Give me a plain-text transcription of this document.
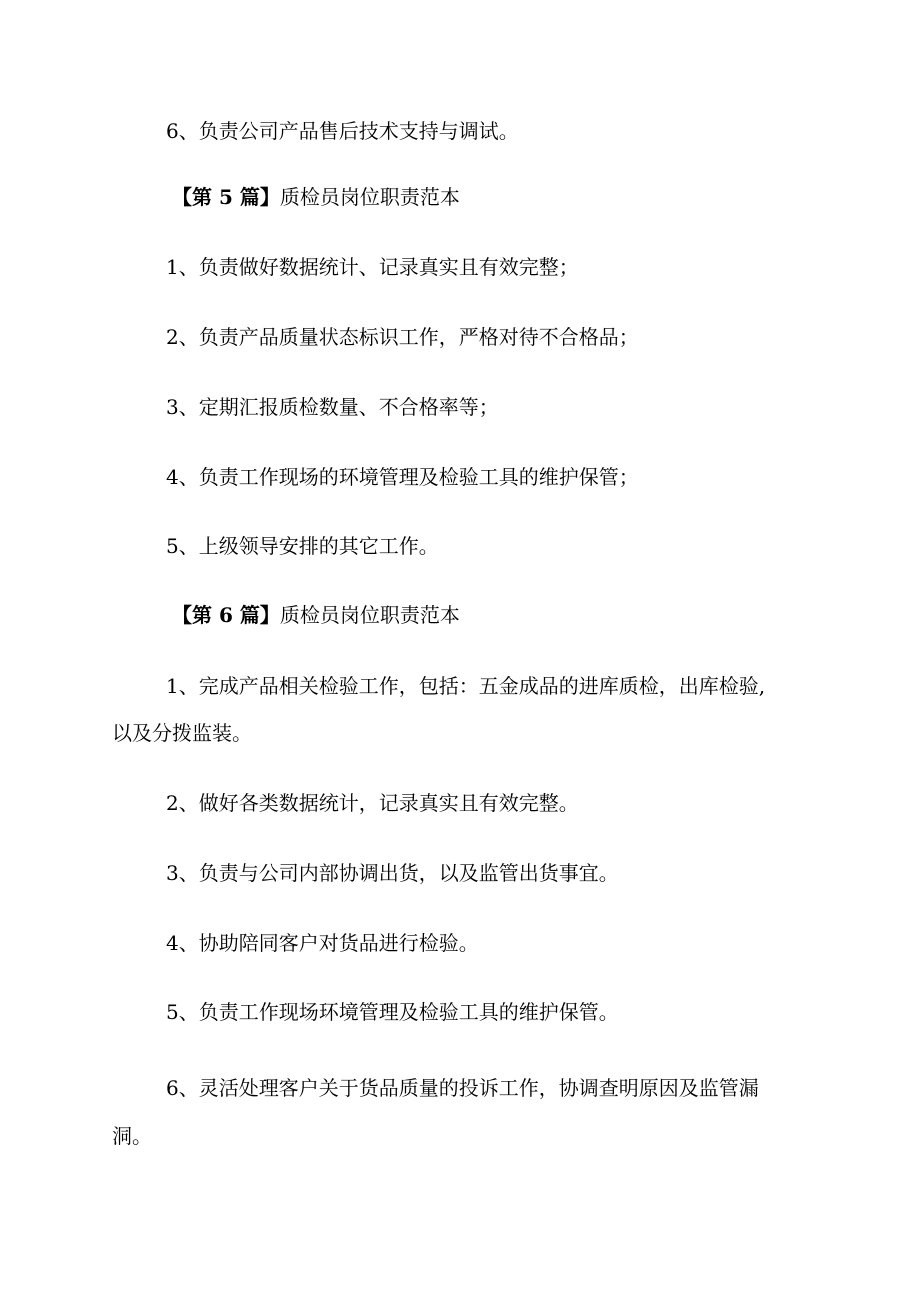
6、负责公司产品售后技术支持与调试。

【第 5 篇】质检员岗位职责范本

1、负责做好数据统计、记录真实且有效完整；

2、负责产品质量状态标识工作，严格对待不合格品；

3、定期汇报质检数量、不合格率等；

4、负责工作现场的环境管理及检验工具的维护保管；

5、上级领导安排的其它工作。

【第 6 篇】质检员岗位职责范本

1、完成产品相关检验工作，包括：五金成品的进库质检，出库检验,

以及分拨监装。

2、做好各类数据统计，记录真实且有效完整。

3、负责与公司内部协调出货，以及监管出货事宜。

4、协助陪同客户对货品进行检验。

5、负责工作现场环境管理及检验工具的维护保管。

6、灵活处理客户关于货品质量的投诉工作，协调查明原因及监管漏

洞。
